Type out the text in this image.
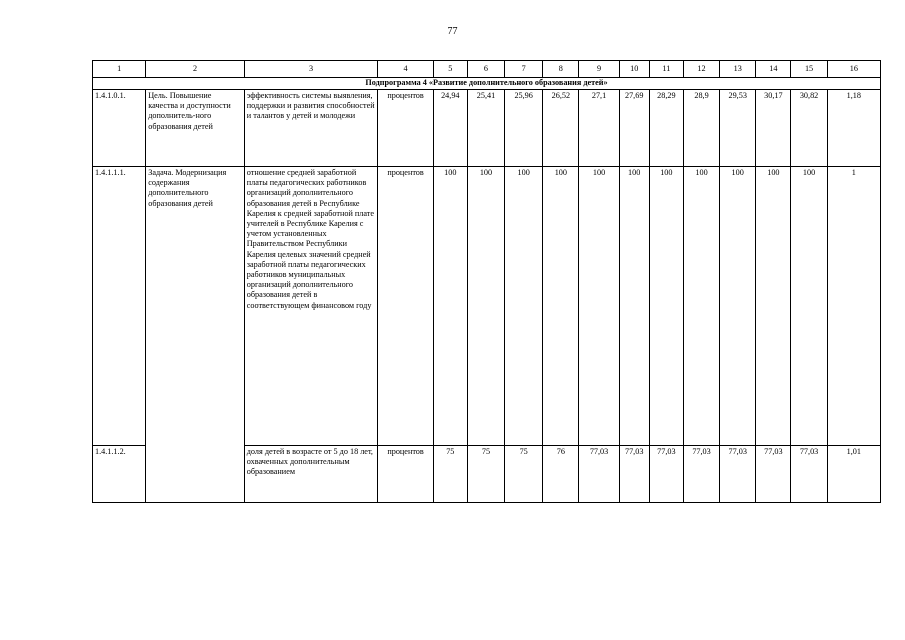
77
1	2	3	4	5	6	7	8	9	10	11	12	13	14	15	16
Подпрограмма 4 «Развитие дополнительного образования детей»															
1.4.1.0.1.	Цель. Повышение качества и доступности дополнитель-ного образования детей	эффективность системы выявления, поддержки и развития способностей и талантов у детей и молодежи	процентов	24,94	25,41	25,96	26,52	27,1	27,69	28,29	28,9	29,53	30,17	30,82	1,18
1.4.1.1.1.	Задача. Модернизация содержания дополнительного образования детей	отношение средней заработной платы педагогических работников организаций дополнительного образования детей в Республике Карелия к средней заработной плате учителей в Республике Карелия с учетом установленных Правительством Республики Карелия целевых значений средней заработной платы педагогических работников муниципальных организаций дополнительного образования детей в соответствующем финансовом году	процентов	100	100	100	100	100	100	100	100	100	100	100	1
1.4.1.1.2.		доля детей в возрасте от 5 до 18 лет, охваченных дополнительным образованием	процентов	75	75	75	76	77,03	77,03	77,03	77,03	77,03	77,03	77,03	1,01
